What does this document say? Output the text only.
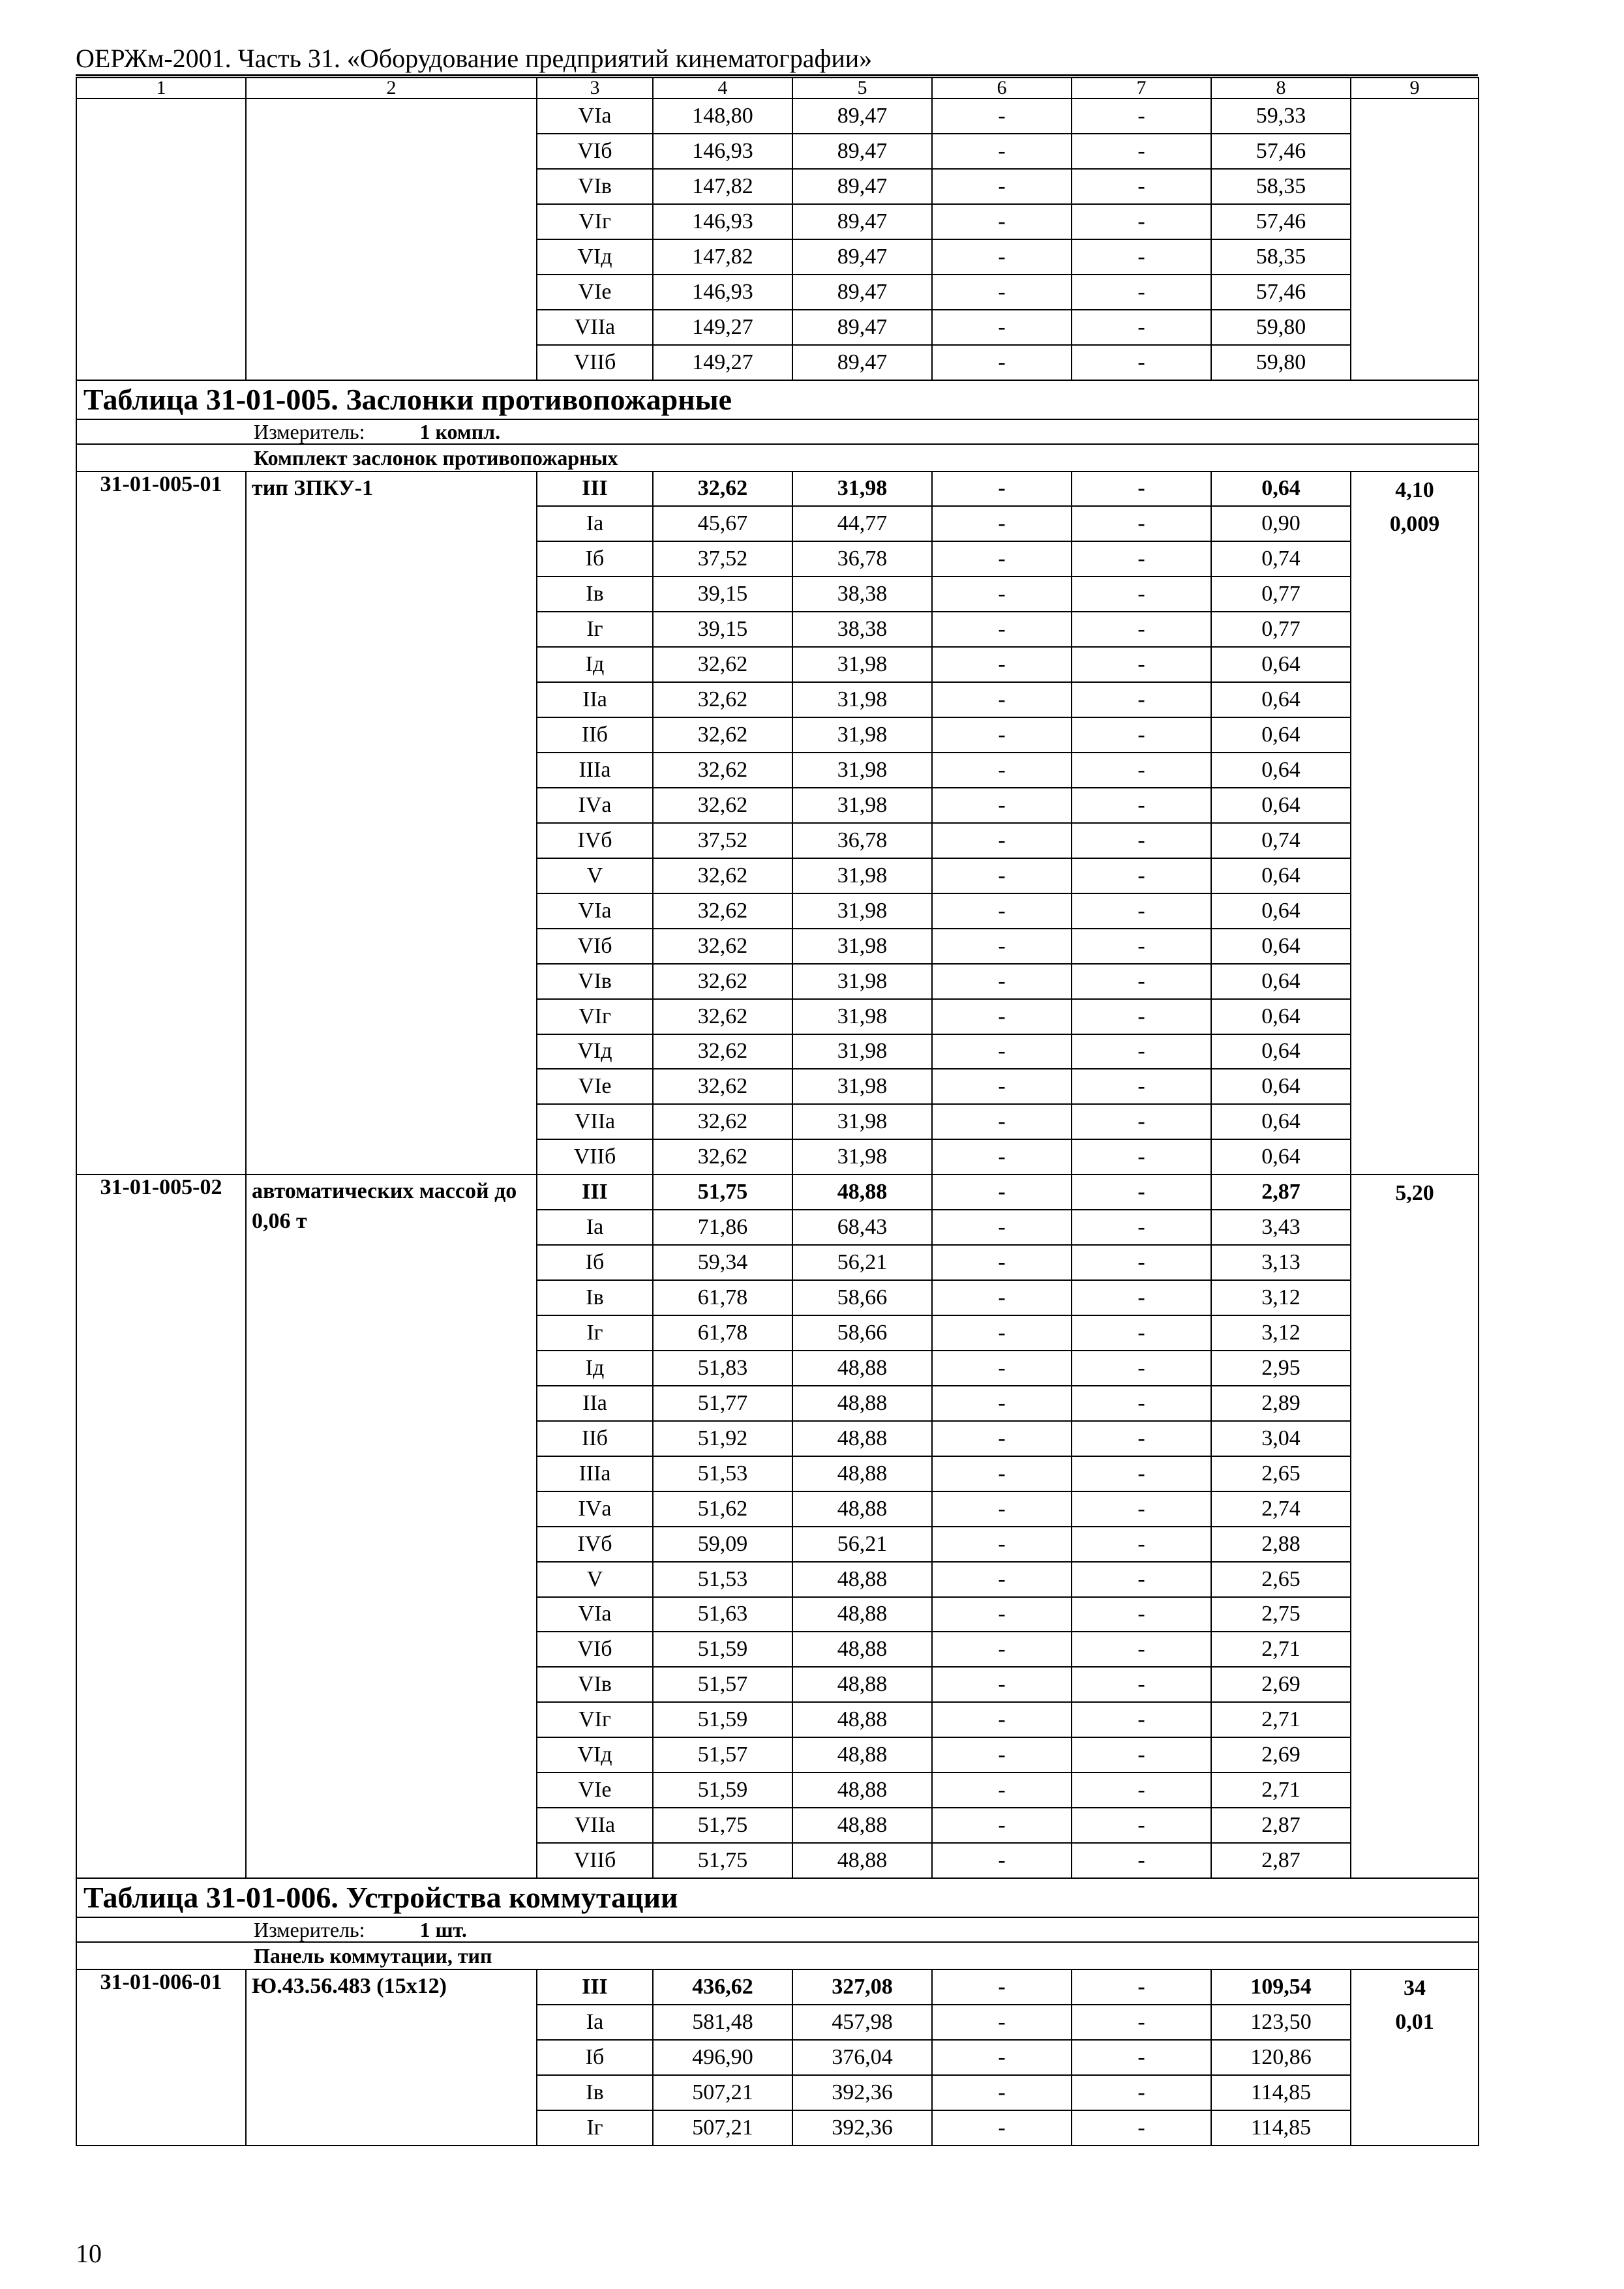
ОЕРЖм-2001. Часть 31. «Оборудование предприятий кинематографии»
1	2	3	4	5	6	7	8	9
		VIа	148,80	89,47	-	-	59,33	
		VIб	146,93	89,47	-	-	57,46	
		VIв	147,82	89,47	-	-	58,35	
		VIг	146,93	89,47	-	-	57,46	
		VIд	147,82	89,47	-	-	58,35	
		VIе	146,93	89,47	-	-	57,46	
		VIIа	149,27	89,47	-	-	59,80	
		VIIб	149,27	89,47	-	-	59,80	
Таблица 31-01-005. Заслонки противопожарные								
Измеритель: 1 компл.								
Комплект заслонок противопожарных								
31-01-005-01	тип ЗПКУ-1	III	32,62	31,98	-	-	0,64	4,10
0,009

		Iа	45,67	44,77	-	-	0,90	
		Iб	37,52	36,78	-	-	0,74	
		Iв	39,15	38,38	-	-	0,77	
		Iг	39,15	38,38	-	-	0,77	
		Iд	32,62	31,98	-	-	0,64	
		IIа	32,62	31,98	-	-	0,64	
		IIб	32,62	31,98	-	-	0,64	
		IIIа	32,62	31,98	-	-	0,64	
		IVа	32,62	31,98	-	-	0,64	
		IVб	37,52	36,78	-	-	0,74	
		V	32,62	31,98	-	-	0,64	
		VIа	32,62	31,98	-	-	0,64	
		VIб	32,62	31,98	-	-	0,64	
		VIв	32,62	31,98	-	-	0,64	
		VIг	32,62	31,98	-	-	0,64	
		VIд	32,62	31,98	-	-	0,64	
		VIе	32,62	31,98	-	-	0,64	
		VIIа	32,62	31,98	-	-	0,64	
		VIIб	32,62	31,98	-	-	0,64	
31-01-005-02	автоматических массой до 0,06 т	III	51,75	48,88	-	-	2,87	5,20

		Iа	71,86	68,43	-	-	3,43	
		Iб	59,34	56,21	-	-	3,13	
		Iв	61,78	58,66	-	-	3,12	
		Iг	61,78	58,66	-	-	3,12	
		Iд	51,83	48,88	-	-	2,95	
		IIа	51,77	48,88	-	-	2,89	
		IIб	51,92	48,88	-	-	3,04	
		IIIа	51,53	48,88	-	-	2,65	
		IVа	51,62	48,88	-	-	2,74	
		IVб	59,09	56,21	-	-	2,88	
		V	51,53	48,88	-	-	2,65	
		VIа	51,63	48,88	-	-	2,75	
		VIб	51,59	48,88	-	-	2,71	
		VIв	51,57	48,88	-	-	2,69	
		VIг	51,59	48,88	-	-	2,71	
		VIд	51,57	48,88	-	-	2,69	
		VIе	51,59	48,88	-	-	2,71	
		VIIа	51,75	48,88	-	-	2,87	
		VIIб	51,75	48,88	-	-	2,87	
Таблица 31-01-006. Устройства коммутации								
Измеритель: 1 шт.								
Панель коммутации, тип								
31-01-006-01	Ю.43.56.483 (15х12)	III	436,62	327,08	-	-	109,54	34
0,01

		Iа	581,48	457,98	-	-	123,50	
		Iб	496,90	376,04	-	-	120,86	
		Iв	507,21	392,36	-	-	114,85	
		Iг	507,21	392,36	-	-	114,85	
10
